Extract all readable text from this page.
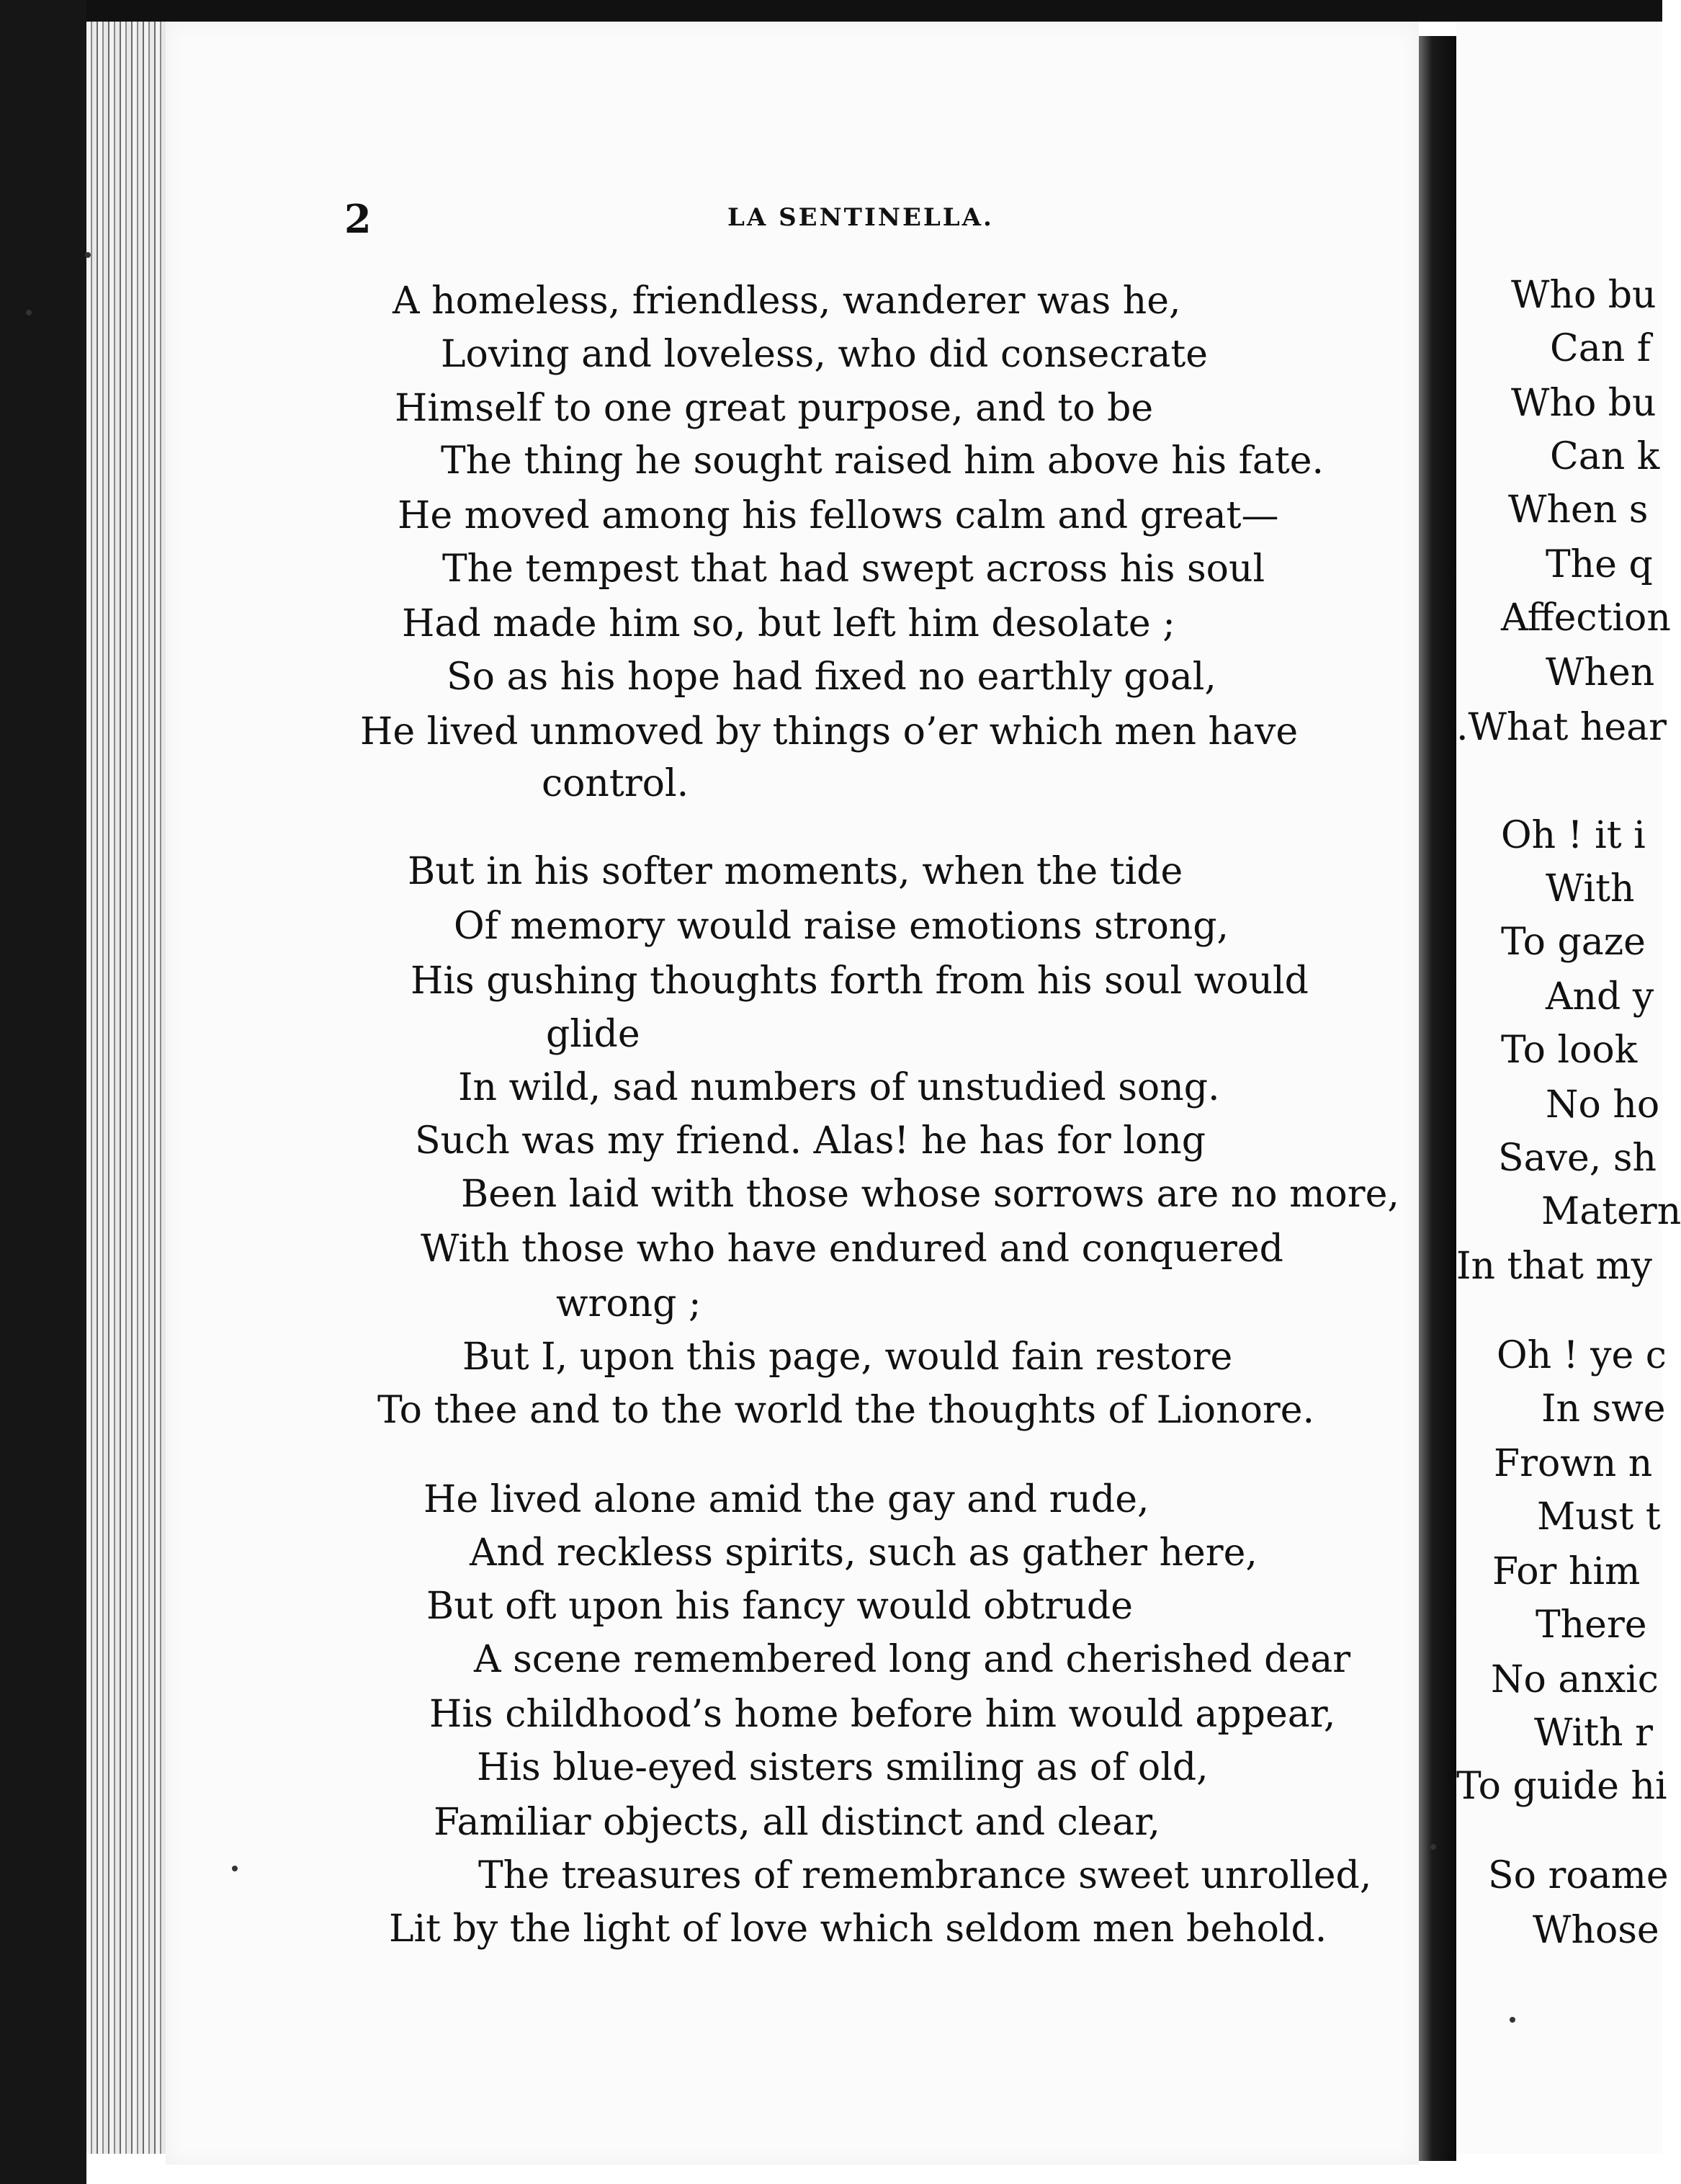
2	LA SENTINELLA.
A homeless, friendless, wanderer was he,
Loving and loveless, who did consecrate
Himself to one great purpose, and to be
The thing he sought raised him above his fate.
He moved among his fellows calm and great—
The tempest that had swept across his soul
Had made him so, but left him desolate ;
So as his hope had fixed no earthly goal,
He lived unmoved by things o’er which men have
control.
But in his softer moments, when the tide
Of memory would raise emotions strong,
His gushing thoughts forth from his soul would
glide
In wild, sad numbers of unstudied song.
Such was my friend. Alas! he has for long
Been laid with those whose sorrows are no more,
With those who have endured and conquered
wrong ;
But I, upon this page, would fain restore
To thee and to the world the thoughts of Lionore.
He lived alone amid the gay and rude,
And reckless spirits, such as gather here,
But oft upon his fancy would obtrude
A scene remembered long and cherished dear
His childhood’s home before him would appear,
His blue-eyed sisters smiling as of old,
Familiar objects, all distinct and clear,
The treasures of remembrance sweet unrolled,
Lit by the light of love which seldom men behold.
Who bu
Can f
Who bu
Can k
When s
The q
Affection
When
.What hear
Oh ! it i
With
To gaze
And y
To look
No ho
Save, sh
Matern
In that my
Oh ! ye c
In swe
Frown n
Must t
For him
There
No anxic
With r
To guide hi
So roame
Whose
